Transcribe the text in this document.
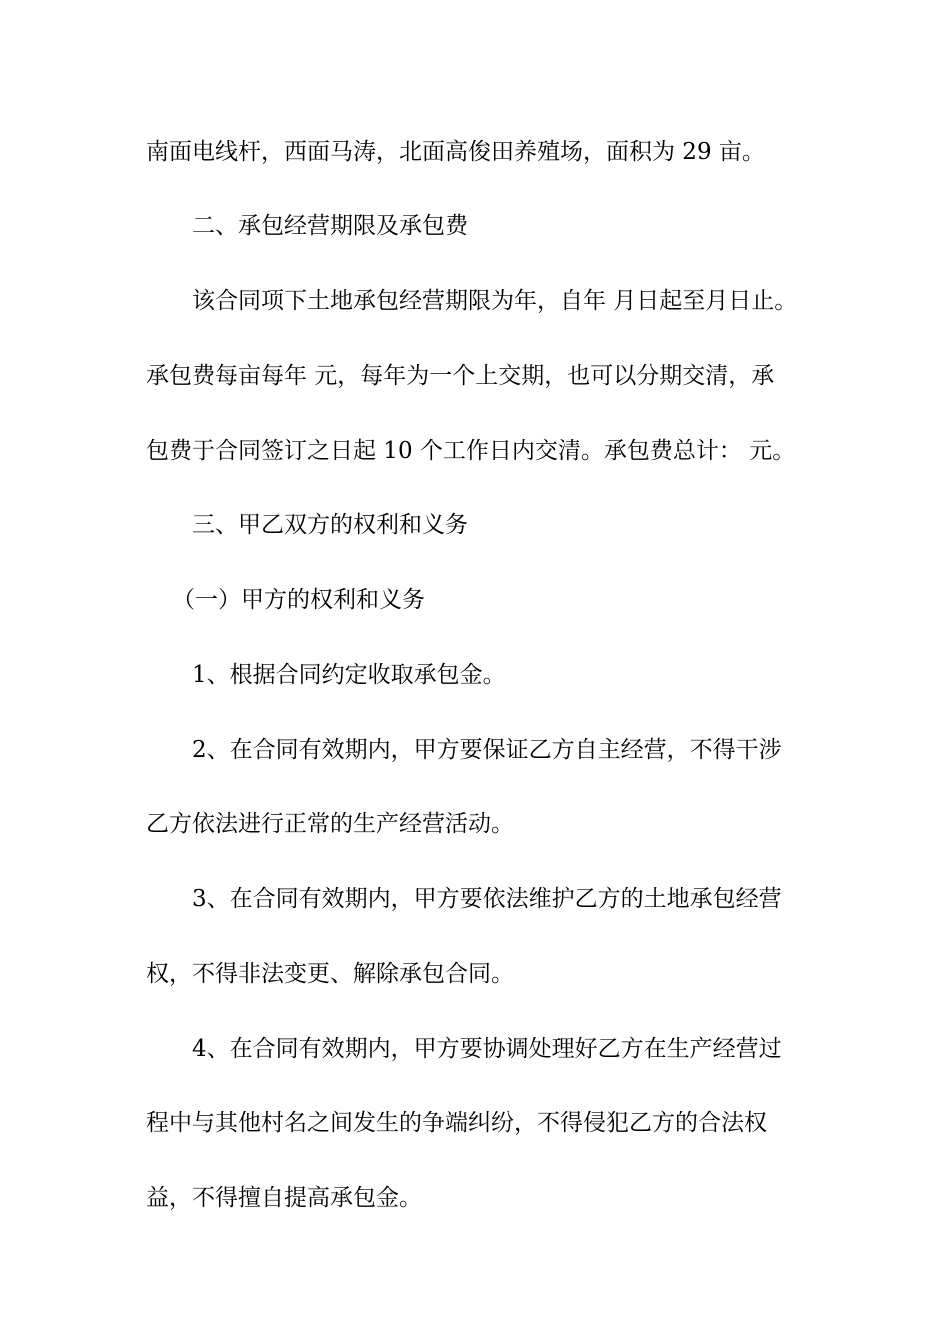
南面电线杆，西面马涛，北面高俊田养殖场，面积为 29 亩。
二、承包经营期限及承包费
该合同项下土地承包经营期限为年，自年 月日起至月日止。
承包费每亩每年 元，每年为一个上交期，也可以分期交清，承
包费于合同签订之日起 10 个工作日内交清。承包费总计： 元。
三、甲乙双方的权利和义务
（一）甲方的权利和义务
1、根据合同约定收取承包金。
2、在合同有效期内，甲方要保证乙方自主经营，不得干涉
乙方依法进行正常的生产经营活动。
3、在合同有效期内，甲方要依法维护乙方的土地承包经营
权，不得非法变更、解除承包合同。
4、在合同有效期内，甲方要协调处理好乙方在生产经营过
程中与其他村名之间发生的争端纠纷，不得侵犯乙方的合法权
益，不得擅自提高承包金。
